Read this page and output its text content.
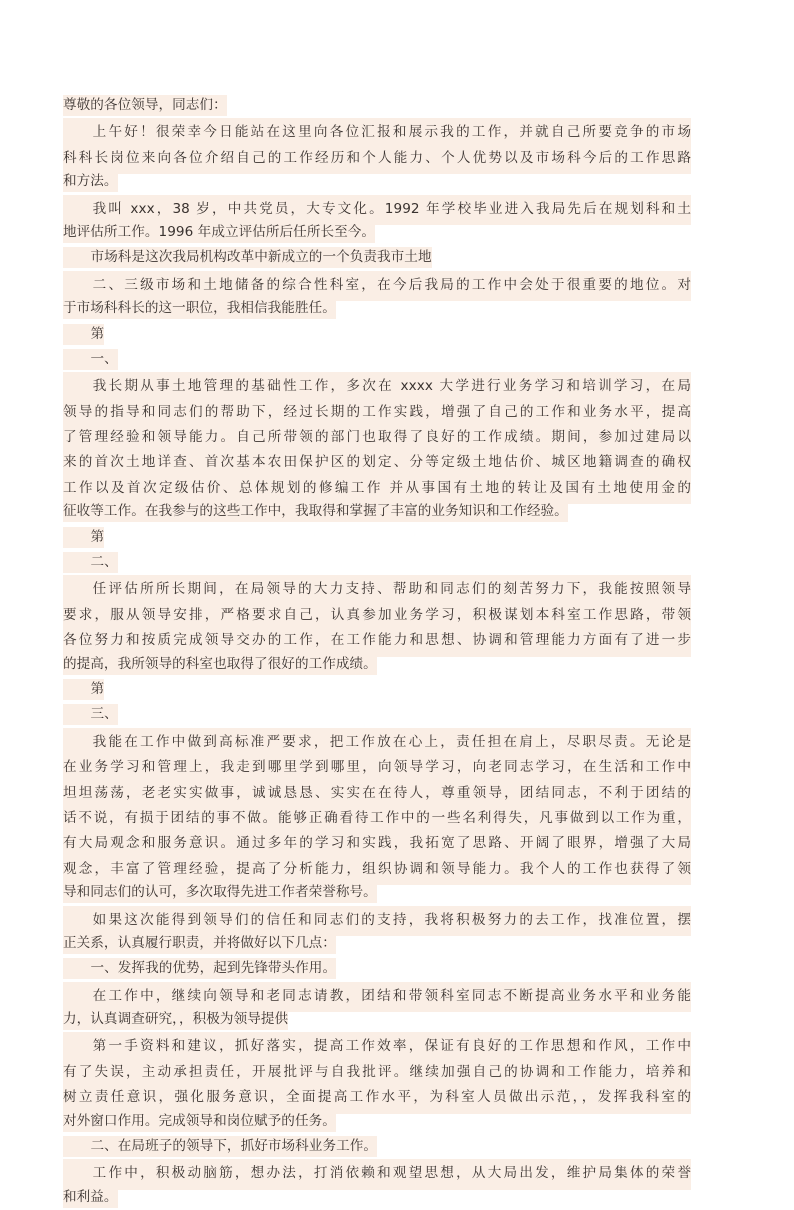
尊敬的各位领导，同志们：
上午好！很荣幸今日能站在这里向各位汇报和展示我的工作，并就自己所要竞争的市场
科科长岗位来向各位介绍自己的工作经历和个人能力、个人优势以及市场科今后的工作思路
和方法。
我叫 xxx，38 岁，中共党员，大专文化。1992 年学校毕业进入我局先后在规划科和土
地评估所工作。1996 年成立评估所后任所长至今。
市场科是这次我局机构改革中新成立的一个负责我市土地
二、三级市场和土地储备的综合性科室，在今后我局的工作中会处于很重要的地位。对
于市场科科长的这一职位，我相信我能胜任。
第
一、
我长期从事土地管理的基础性工作，多次在 xxxx 大学进行业务学习和培训学习，在局
领导的指导和同志们的帮助下，经过长期的工作实践，增强了自己的工作和业务水平，提高
了管理经验和领导能力。自己所带领的部门也取得了良好的工作成绩。期间，参加过建局以
来的首次土地详查、首次基本农田保护区的划定、分等定级土地估价、城区地籍调查的确权
工作以及首次定级估价、总体规划的修编工作 并从事国有土地的转让及国有土地使用金的
征收等工作。在我参与的这些工作中，我取得和掌握了丰富的业务知识和工作经验。
第
二、
任评估所所长期间，在局领导的大力支持、帮助和同志们的刻苦努力下，我能按照领导
要求，服从领导安排，严格要求自己，认真参加业务学习，积极谋划本科室工作思路，带领
各位努力和按质完成领导交办的工作，在工作能力和思想、协调和管理能力方面有了进一步
的提高，我所领导的科室也取得了很好的工作成绩。
第
三、
我能在工作中做到高标准严要求，把工作放在心上，责任担在肩上，尽职尽责。无论是
在业务学习和管理上，我走到哪里学到哪里，向领导学习，向老同志学习，在生活和工作中
坦坦荡荡，老老实实做事，诚诚恳恳、实实在在待人，尊重领导，团结同志，不利于团结的
话不说，有损于团结的事不做。能够正确看待工作中的一些名利得失，凡事做到以工作为重，
有大局观念和服务意识。通过多年的学习和实践，我拓宽了思路、开阔了眼界，增强了大局
观念，丰富了管理经验，提高了分析能力，组织协调和领导能力。我个人的工作也获得了领
导和同志们的认可，多次取得先进工作者荣誉称号。
如果这次能得到领导们的信任和同志们的支持，我将积极努力的去工作，找准位置，摆
正关系，认真履行职责，并将做好以下几点：
一、发挥我的优势，起到先锋带头作用。
在工作中，继续向领导和老同志请教，团结和带领科室同志不断提高业务水平和业务能
力，认真调查研究，，积极为领导提供
第一手资料和建议，抓好落实，提高工作效率，保证有良好的工作思想和作风，工作中
有了失误，主动承担责任，开展批评与自我批评。继续加强自己的协调和工作能力，培养和
树立责任意识，强化服务意识，全面提高工作水平，为科室人员做出示范，，发挥我科室的
对外窗口作用。完成领导和岗位赋予的任务。
二、在局班子的领导下，抓好市场科业务工作。
工作中，积极动脑筋，想办法，打消依赖和观望思想，从大局出发，维护局集体的荣誉
和利益。
